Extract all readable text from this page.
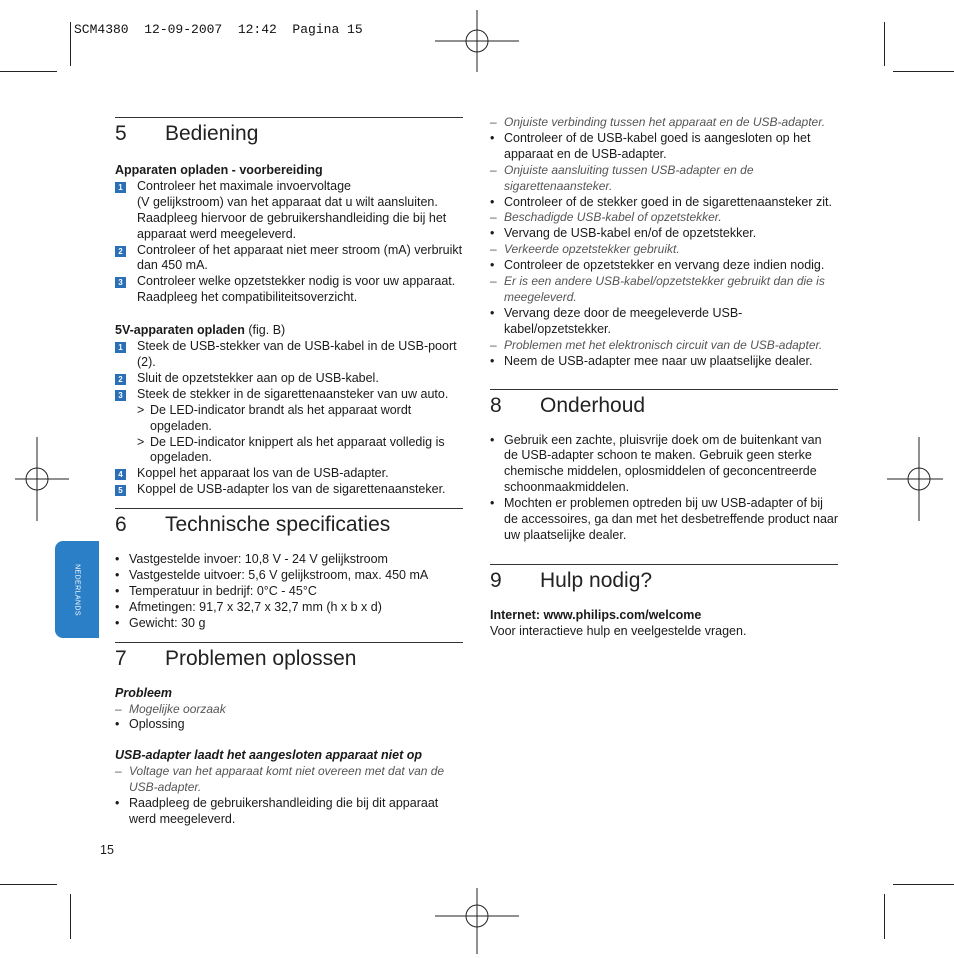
SCM4380  12-09-2007  12:42  Pagina 15
NEDERLANDS
5	Bediening

Apparaten opladen - voorbereiding

1 Controleer het maximale invoervoltage
(V gelijkstroom) van het apparaat dat u wilt aansluiten. Raadpleeg hiervoor de gebruikershandleiding die bij het apparaat werd meegeleverd.
2 Controleer of het apparaat niet meer stroom (mA) verbruikt dan 450 mA.
3 Controleer welke opzetstekker nodig is voor uw apparaat. Raadpleeg het compatibiliteitsoverzicht.

5V-apparaten opladen (fig. B)

1 Steek de USB-stekker van de USB-kabel in de USB-poort (2).
2 Sluit de opzetstekker aan op de USB-kabel.
3 Steek de stekker in de sigarettenaansteker van uw auto.
> De LED-indicator brandt als het apparaat wordt opgeladen.
> De LED-indicator knippert als het apparaat volledig is opgeladen.
4 Koppel het apparaat los van de USB-adapter.
5 Koppel de USB-adapter los van de sigarettenaansteker.
6	Technische specificaties
• Vastgestelde invoer: 10,8 V - 24 V gelijkstroom
• Vastgestelde uitvoer: 5,6 V gelijkstroom, max. 450 mA
• Temperatuur in bedrijf: 0°C - 45°C
• Afmetingen: 91,7 x 32,7 x 32,7 mm (h x b x d)
• Gewicht: 30 g
7	Problemen oplossen

Probleem

– Mogelijke oorzaak
• Oplossing

USB-adapter laadt het aangesloten apparaat niet op

– Voltage van het apparaat komt niet overeen met dat van de USB-adapter.
• Raadpleeg de gebruikershandleiding die bij dit apparaat werd meegeleverd.
15
– Onjuiste verbinding tussen het apparaat en de USB-adapter.
• Controleer of de USB-kabel goed is aangesloten op het apparaat en de USB-adapter.
– Onjuiste aansluiting tussen USB-adapter en de sigarettenaansteker.
• Controleer of de stekker goed in de sigarettenaansteker zit.
– Beschadigde USB-kabel of opzetstekker.
• Vervang de USB-kabel en/of de opzetstekker.
– Verkeerde opzetstekker gebruikt.
• Controleer de opzetstekker en vervang deze indien nodig.
– Er is een andere USB-kabel/opzetstekker gebruikt dan die is meegeleverd.
• Vervang deze door de meegeleverde USB-kabel/opzetstekker.
– Problemen met het elektronisch circuit van de USB-adapter.
• Neem de USB-adapter mee naar uw plaatselijke dealer.
8	Onderhoud
• Gebruik een zachte, pluisvrije doek om de buitenkant van de USB-adapter schoon te maken. Gebruik geen sterke chemische middelen, oplosmiddelen of geconcentreerde schoonmaakmiddelen.
• Mochten er problemen optreden bij uw USB-adapter of bij de accessoires, ga dan met het desbetreffende product naar uw plaatselijke dealer.
9	Hulp nodig?

Internet: www.philips.com/welcome

Voor interactieve hulp en veelgestelde vragen.
